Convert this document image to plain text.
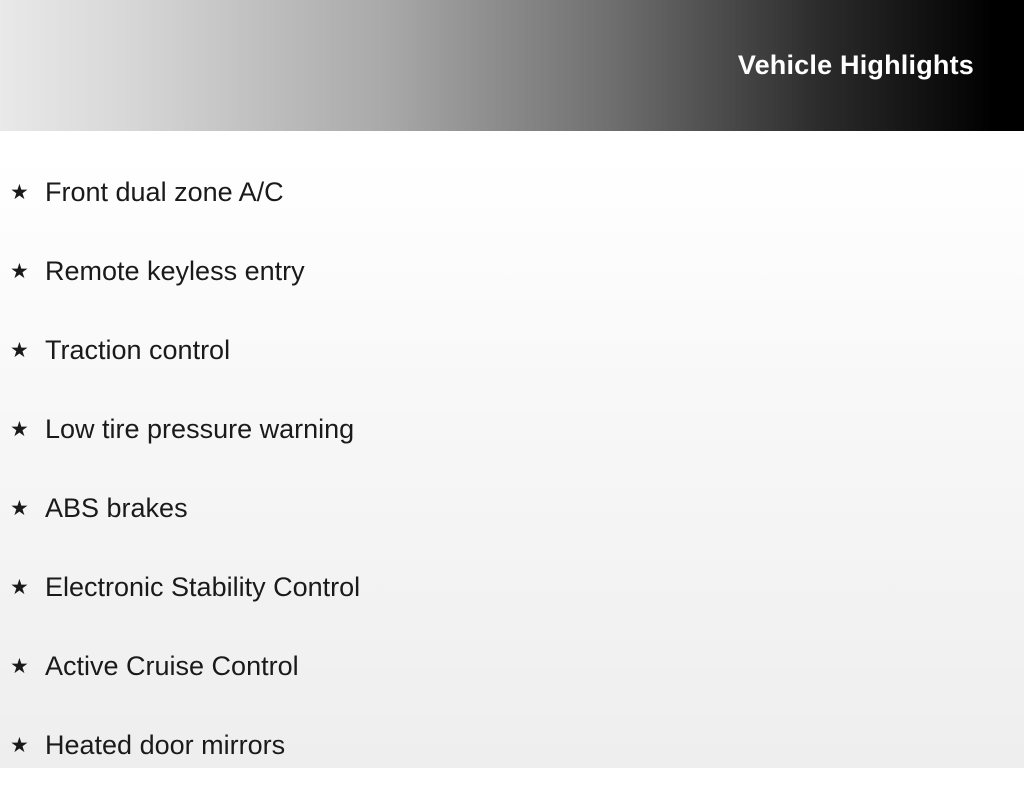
Vehicle Highlights
★ Front dual zone A/C
★ Remote keyless entry
★ Traction control
★ Low tire pressure warning
★ ABS brakes
★ Electronic Stability Control
★ Active Cruise Control
★ Heated door mirrors
